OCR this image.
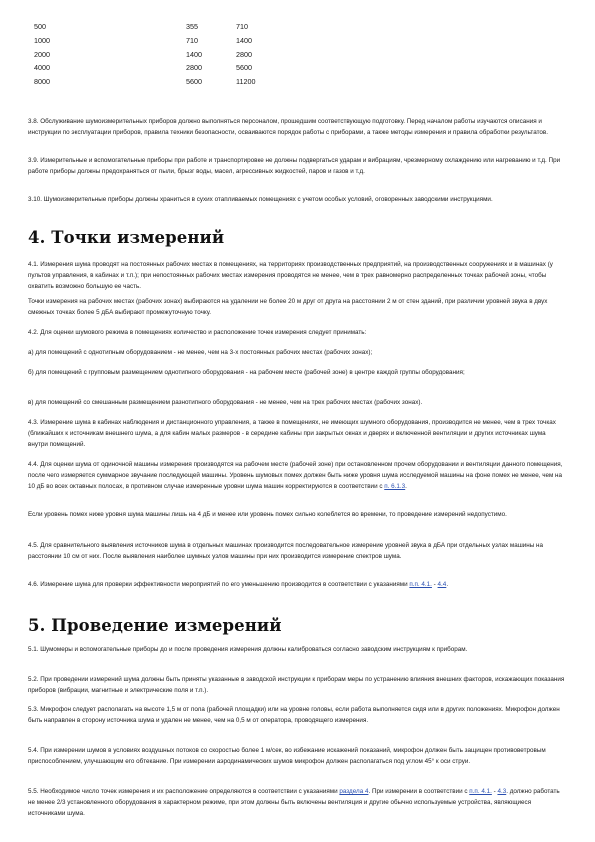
500	355	710
1000	710	1400
2000	1400	2800
4000	2800	5600
8000	5600	11200

3.8. Обслуживание шумоизмерительных приборов должно выполняться персоналом, прошедшим соответствующую подготовку. Перед началом работы изучаются описания и инструкции по эксплуатации приборов, правила техники безопасности, осваиваются порядок работы с приборами, а также методы измерения и правила обработки результатов.

3.9. Измерительные и вспомогательные приборы при работе и транспортировке не должны подвергаться ударам и вибрациям, чрезмерному охлаждению или нагреванию и т.д. При работе приборы должны предохраняться от пыли, брызг воды, масел, агрессивных жидкостей, паров и газов и т.д.

3.10. Шумоизмерительные приборы должны храниться в сухих отапливаемых помещениях с учетом особых условий, оговоренных заводскими инструкциями.

4. Точки измерений

4.1. Измерения шума проводят на постоянных рабочих местах в помещениях, на территориях производственных предприятий, на производственных сооружениях и в машинах (у пультов управления, в кабинах и т.п.); при непостоянных рабочих местах измерения проводятся не менее, чем в трех равномерно распределенных точках рабочей зоны, чтобы охватить возможно большую ее часть.

Точки измерения на рабочих местах (рабочих зонах) выбираются на удалении не более 20 м друг от друга на расстоянии 2 м от стен зданий, при различии уровней звука в двух смежных точках более 5 дБА выбирают промежуточную точку.

4.2. Для оценки шумового режима в помещениях количество и расположение точек измерения следует принимать:

а) для помещений с однотипным оборудованием - не менее, чем на 3-х постоянных рабочих местах (рабочих зонах);

б) для помещений с групповым размещением однотипного оборудования - на рабочем месте (рабочей зоне) в центре каждой группы оборудования;

в) для помещений со смешанным размещением разнотипного оборудования - не менее, чем на трех рабочих местах (рабочих зонах).

4.3. Измерение шума в кабинах наблюдения и дистанционного управления, а также в помещениях, не имеющих шумного оборудования, производится не менее, чем в трех точках (ближайших к источникам внешнего шума, а для кабин малых размеров - в середине кабины при закрытых окнах и дверях и включенной вентиляции и других источниках шума внутри помещений.

4.4. Для оценки шума от одиночной машины измерения производятся на рабочем месте (рабочей зоне) при остановленном прочем оборудовании и вентиляции данного помещения, после чего измеряется суммарное звучание последующей машины. Уровень шумовых помех должен быть ниже уровня шума исследуемой машины на фоне помех не менее, чем на 10 дБ во всех октавных полосах, в противном случае измеренные уровни шума машин корректируются в соответствии с п. 6.1.3.

Если уровень помех ниже уровня шума машины лишь на 4 дБ и менее или уровень помех сильно колеблется во времени, то проведение измерений недопустимо.

4.5. Для сравнительного выявления источников шума в отдельных машинах производится последовательное измерение уровней звука в дБА при отдельных узлах машины на расстоянии 10 см от них. После выявления наиболее шумных узлов машины при них производится измерение спектров шума.

4.6. Измерение шума для проверки эффективности мероприятий по его уменьшению производится в соответствии с указаниями п.п. 4.1. - 4.4.

5. Проведение измерений

5.1. Шумомеры и вспомогательные приборы до и после проведения измерения должны калиброваться согласно заводским инструкциям к приборам.

5.2. При проведении измерений шума должны быть приняты указанные в заводской инструкции к приборам меры по устранению влияния внешних факторов, искажающих показания приборов (вибрации, магнитные и электрические поля и т.п.).

5.3. Микрофон следует располагать на высоте 1,5 м от пола (рабочей площадки) или на уровне головы, если работа выполняется сидя или в других положениях. Микрофон должен быть направлен в сторону источника шума и удален не менее, чем на 0,5 м от оператора, проводящего измерения.

5.4. При измерении шумов в условиях воздушных потоков со скоростью более 1 м/сек, во избежание искажений показаний, микрофон должен быть защищен противоветровым приспособлением, улучшающим его обтекание. При измерении аэродинамических шумов микрофон должен располагаться под углом 45° к оси струи.

5.5. Необходимое число точек измерения и их расположение определяются в соответствии с указаниями раздела 4. При измерении в соответствии с п.п. 4.1. - 4.3. должно работать не менее 2/3 установленного оборудования в характерном режиме, при этом должны быть включены вентиляция и другие обычно используемые устройства, являющиеся источниками шума.
